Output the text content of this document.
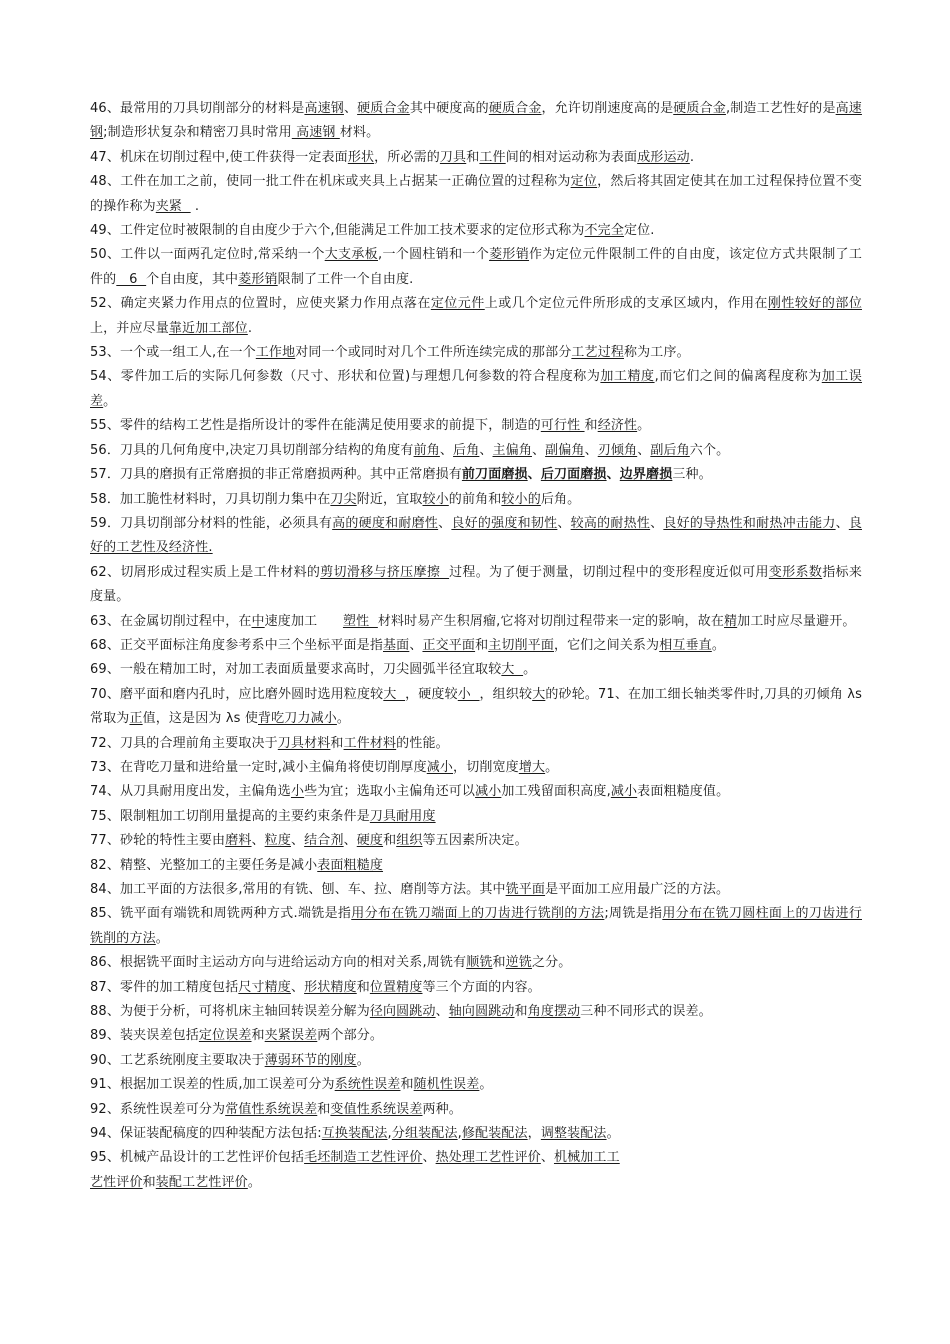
46、最常用的刀具切削部分的材料是高速钢、硬质合金其中硬度高的硬质合金，允许切削速度高的是硬质合金,制造工艺性好的是高速钢;制造形状复杂和精密刀具时常用 高速钢 材料。

47、机床在切削过程中,使工件获得一定表面形状，所必需的刀具和工件间的相对运动称为表面成形运动.

48、工件在加工之前，使同一批工件在机床或夹具上占据某一正确位置的过程称为定位，然后将其固定使其在加工过程保持位置不变的操作称为夹紧   .

49、工件定位时被限制的自由度少于六个,但能满足工件加工技术要求的定位形式称为不完全定位.

50、工件以一面两孔定位时,常采纳一个大支承板,一个圆柱销和一个菱形销作为定位元件限制工件的自由度，该定位方式共限制了工件的   6  个自由度，其中菱形销限制了工件一个自由度.

52、确定夹紧力作用点的位置时，应使夹紧力作用点落在定位元件上或几个定位元件所形成的支承区域内，作用在刚性较好的部位上，并应尽量靠近加工部位.

53、一个或一组工人,在一个工作地对同一个或同时对几个工件所连续完成的那部分工艺过程称为工序。

54、零件加工后的实际几何参数（尺寸、形状和位置)与理想几何参数的符合程度称为加工精度,而它们之间的偏离程度称为加工误差。

55、零件的结构工艺性是指所设计的零件在能满足使用要求的前提下，制造的可行性 和经济性。

56．刀具的几何角度中,决定刀具切削部分结构的角度有前角、后角、主偏角、副偏角、刃倾角、副后角六个。

57．刀具的磨损有正常磨损的非正常磨损两种。其中正常磨损有前刀面磨损、后刀面磨损、边界磨损三种。

58．加工脆性材料时，刀具切削力集中在刀尖附近，宜取较小的前角和较小的后角。

59．刀具切削部分材料的性能，必须具有高的硬度和耐磨性、良好的强度和韧性、较高的耐热性、良好的导热性和耐热冲击能力、良好的工艺性及经济性.

62、切屑形成过程实质上是工件材料的剪切滑移与挤压摩擦  过程。为了便于测量，切削过程中的变形程度近似可用变形系数指标来度量。

63、在金属切削过程中，在中速度加工      塑性  材料时易产生积屑瘤,它将对切削过程带来一定的影响，故在精加工时应尽量避开。

68、正交平面标注角度参考系中三个坐标平面是指基面、正交平面和主切削平面，它们之间关系为相互垂直。

69、一般在精加工时，对加工表面质量要求高时，刀尖圆弧半径宜取较大  。

70、磨平面和磨内孔时，应比磨外圆时选用粒度较大  ，硬度较小  ，组织较大的砂轮。71、在加工细长轴类零件时,刀具的刃倾角 λs 常取为正值，这是因为 λs 使背吃刀力减小。

72、刀具的合理前角主要取决于刀具材料和工件材料的性能。

73、在背吃刀量和进给量一定时,减小主偏角将使切削厚度减小，切削宽度增大。

74、从刀具耐用度出发，主偏角选小些为宜；选取小主偏角还可以减小加工残留面积高度,减小表面粗糙度值。

75、限制粗加工切削用量提高的主要约束条件是刀具耐用度

77、砂轮的特性主要由磨料、粒度、结合剂、硬度和组织等五因素所决定。

82、精整、光整加工的主要任务是减小表面粗糙度

84、加工平面的方法很多,常用的有铣、刨、车、拉、磨削等方法。其中铣平面是平面加工应用最广泛的方法。

85、铣平面有端铣和周铣两种方式.端铣是指用分布在铣刀端面上的刀齿进行铣削的方法;周铣是指用分布在铣刀圆柱面上的刀齿进行铣削的方法。

86、根据铣平面时主运动方向与进给运动方向的相对关系,周铣有顺铣和逆铣之分。

87、零件的加工精度包括尺寸精度、形状精度和位置精度等三个方面的内容。

88、为便于分析，可将机床主轴回转误差分解为径向圆跳动、轴向圆跳动和角度摆动三种不同形式的误差。

89、装夹误差包括定位误差和夹紧误差两个部分。

90、工艺系统刚度主要取决于薄弱环节的刚度。

91、根据加工误差的性质,加工误差可分为系统性误差和随机性误差。

92、系统性误差可分为常值性系统误差和变值性系统误差两种。

94、保证装配稿度的四种装配方法包括:互换装配法,分组装配法,修配装配法，调整装配法。

95、机械产品设计的工艺性评价包括毛坯制造工艺性评价、热处理工艺性评价、机械加工工
艺性评价和装配工艺性评价。
